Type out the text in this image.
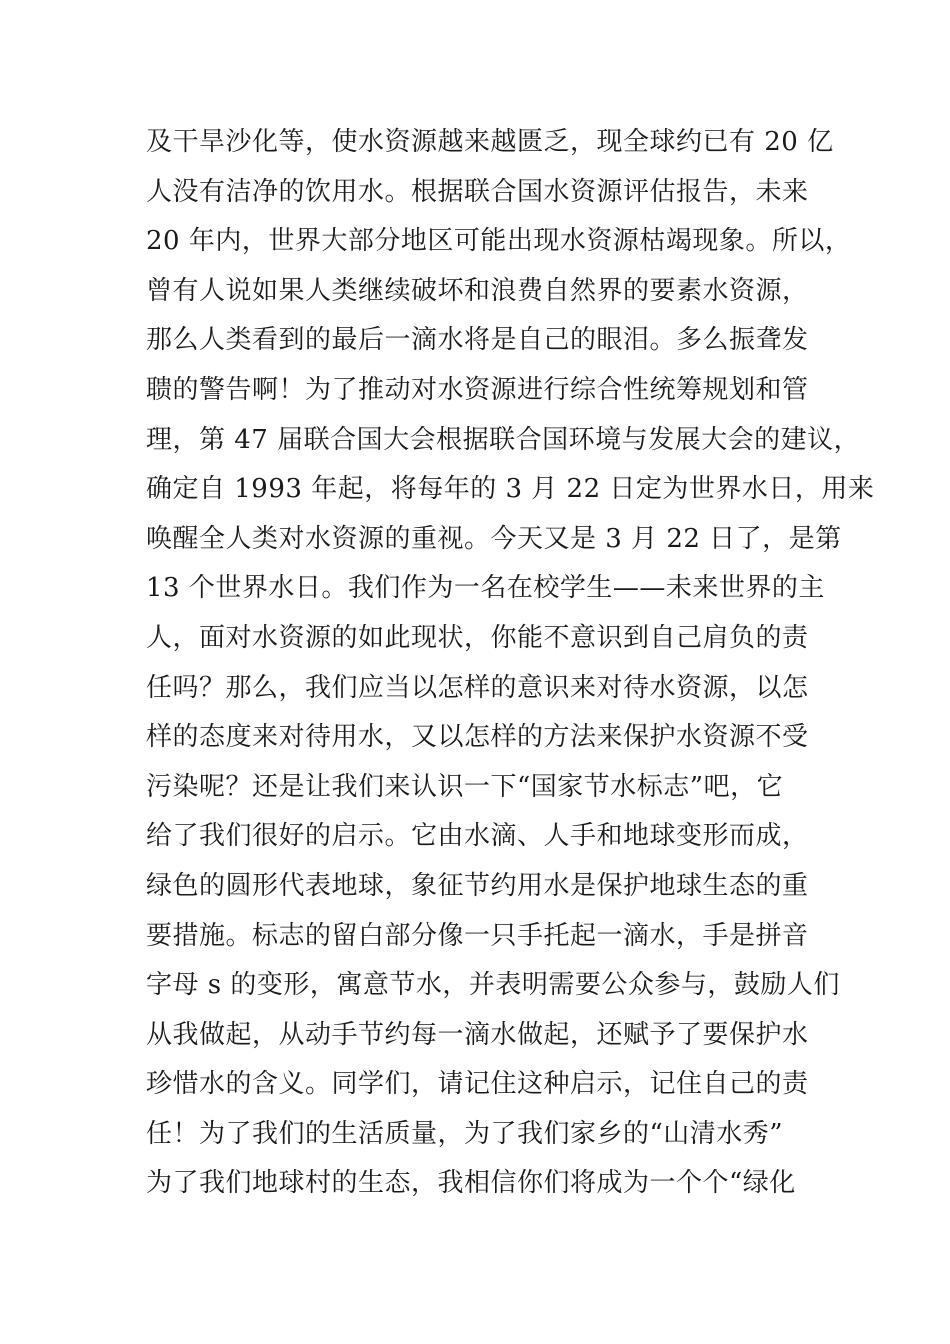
及干旱沙化等，使水资源越来越匮乏，现全球约已有 20 亿
人没有洁净的饮用水。根据联合国水资源评估报告，未来
20 年内，世界大部分地区可能出现水资源枯竭现象。所以，
曾有人说如果人类继续破坏和浪费自然界的要素水资源，
那么人类看到的最后一滴水将是自己的眼泪。多么振聋发
聩的警告啊！为了推动对水资源进行综合性统筹规划和管
理，第 47 届联合国大会根据联合国环境与发展大会的建议，
确定自 1993 年起，将每年的 3 月 22 日定为世界水日，用来
唤醒全人类对水资源的重视。今天又是 3 月 22 日了，是第
13 个世界水日。我们作为一名在校学生——未来世界的主
人，面对水资源的如此现状，你能不意识到自己肩负的责
任吗？那么，我们应当以怎样的意识来对待水资源，以怎
样的态度来对待用水，又以怎样的方法来保护水资源不受
污染呢？还是让我们来认识一下“国家节水标志”吧，它
给了我们很好的启示。它由水滴、人手和地球变形而成，
绿色的圆形代表地球，象征节约用水是保护地球生态的重
要措施。标志的留白部分像一只手托起一滴水，手是拼音
字母 s 的变形，寓意节水，并表明需要公众参与，鼓励人们
从我做起，从动手节约每一滴水做起，还赋予了要保护水
珍惜水的含义。同学们，请记住这种启示，记住自己的责
任！为了我们的生活质量，为了我们家乡的“山清水秀”
为了我们地球村的生态，我相信你们将成为一个个“绿化
